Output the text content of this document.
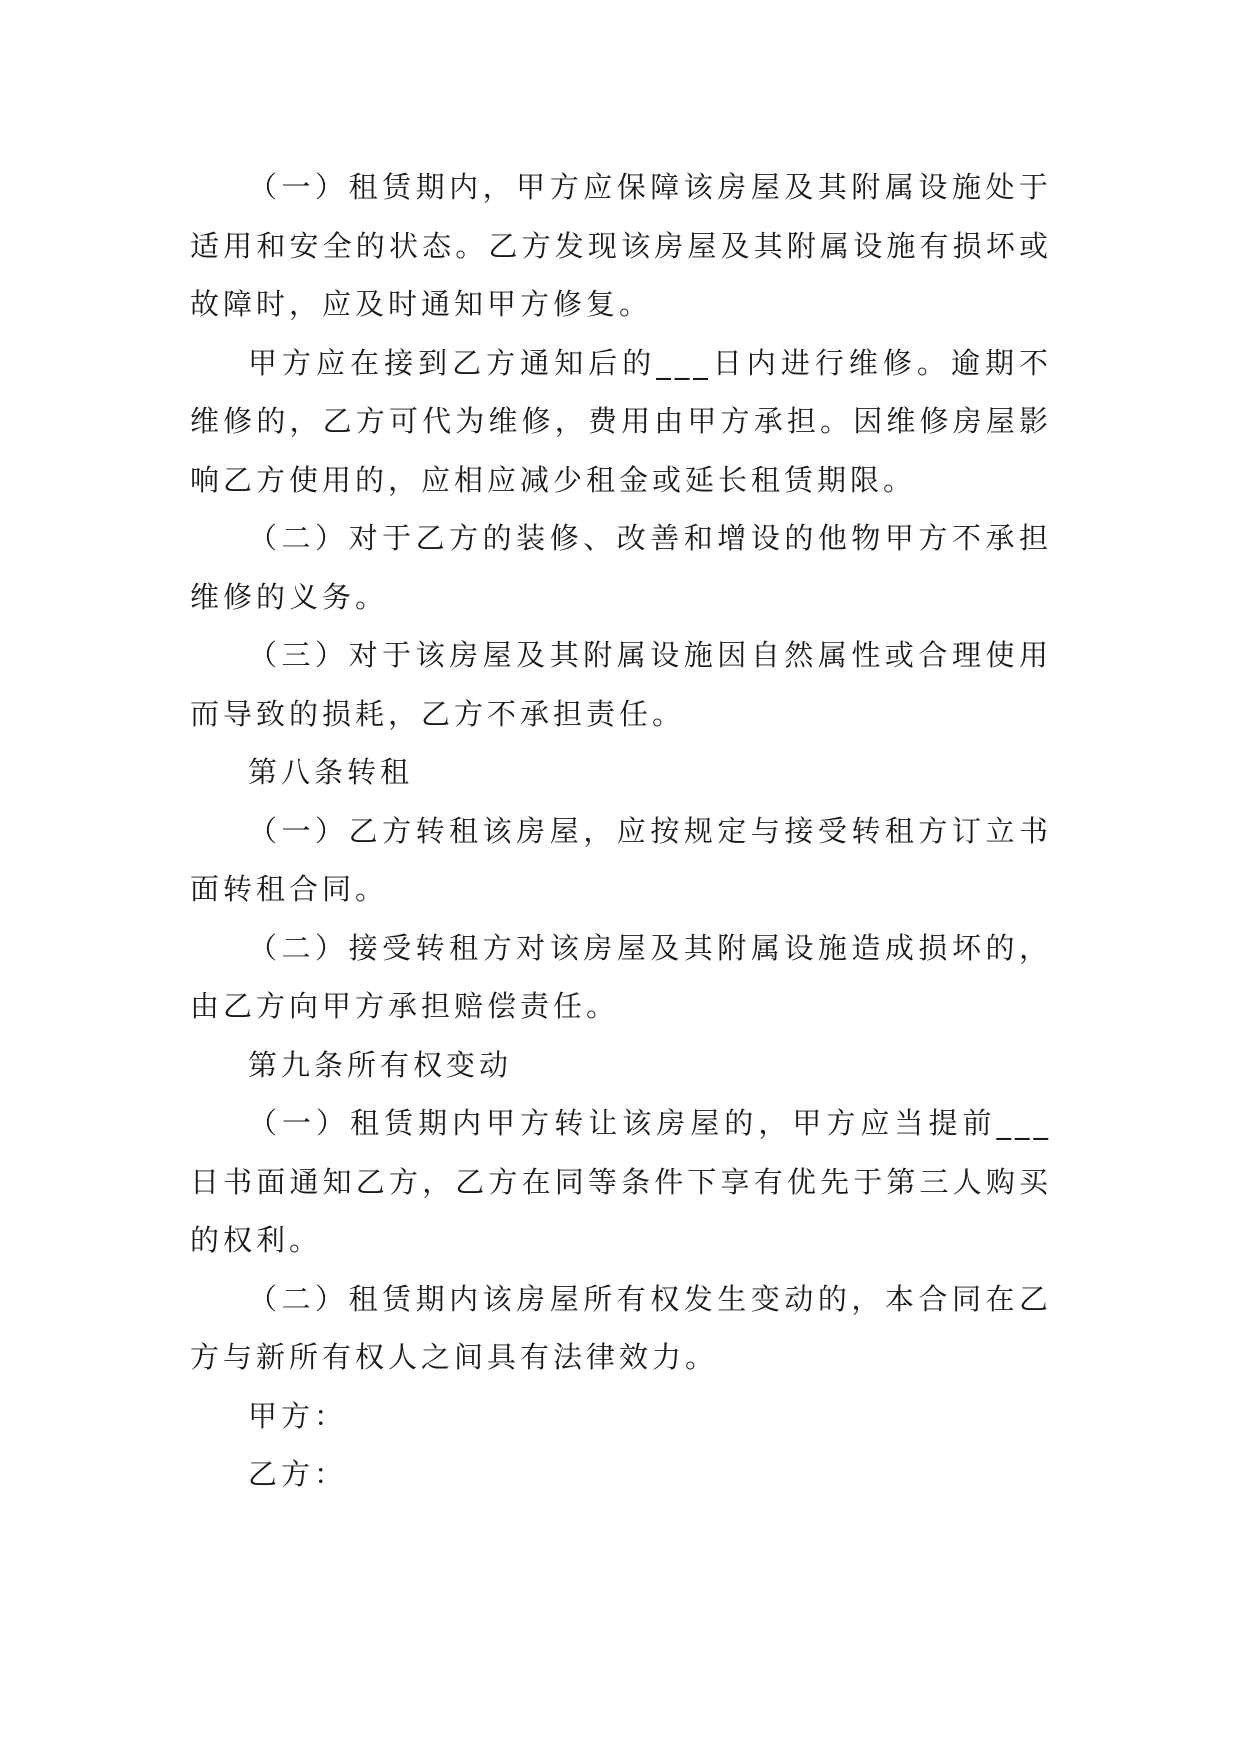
（一）租赁期内，甲方应保障该房屋及其附属设施处于适用和安全的状态。乙方发现该房屋及其附属设施有损坏或故障时，应及时通知甲方修复。

甲方应在接到乙方通知后的___日内进行维修。逾期不维修的，乙方可代为维修，费用由甲方承担。因维修房屋影响乙方使用的，应相应减少租金或延长租赁期限。

（二）对于乙方的装修、改善和增设的他物甲方不承担维修的义务。

（三）对于该房屋及其附属设施因自然属性或合理使用而导致的损耗，乙方不承担责任。

第八条转租

（一）乙方转租该房屋，应按规定与接受转租方订立书面转租合同。

（二）接受转租方对该房屋及其附属设施造成损坏的，由乙方向甲方承担赔偿责任。

第九条所有权变动

（一）租赁期内甲方转让该房屋的，甲方应当提前___日书面通知乙方，乙方在同等条件下享有优先于第三人购买的权利。

（二）租赁期内该房屋所有权发生变动的，本合同在乙方与新所有权人之间具有法律效力。

甲方：

乙方：
